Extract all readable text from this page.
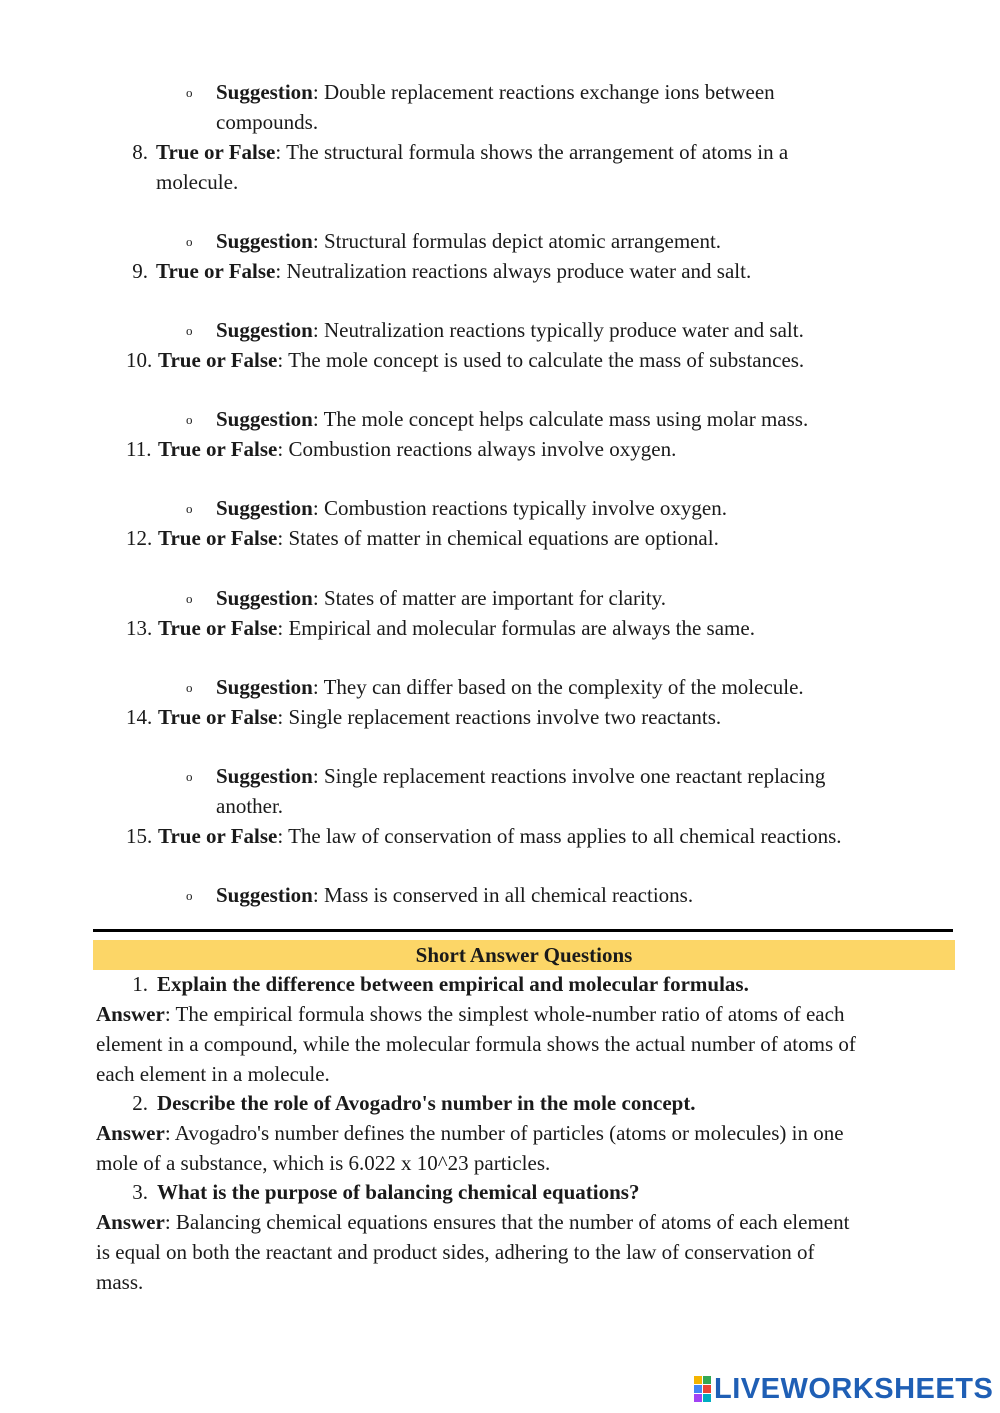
o Suggestion: Double replacement reactions exchange ions between
compounds.
8. True or False: The structural formula shows the arrangement of atoms in a
molecule.
o Suggestion: Structural formulas depict atomic arrangement.
9. True or False: Neutralization reactions always produce water and salt.
o Suggestion: Neutralization reactions typically produce water and salt.
10. True or False: The mole concept is used to calculate the mass of substances.
o Suggestion: The mole concept helps calculate mass using molar mass.
11. True or False: Combustion reactions always involve oxygen.
o Suggestion: Combustion reactions typically involve oxygen.
12. True or False: States of matter in chemical equations are optional.
o Suggestion: States of matter are important for clarity.
13. True or False: Empirical and molecular formulas are always the same.
o Suggestion: They can differ based on the complexity of the molecule.
14. True or False: Single replacement reactions involve two reactants.
o Suggestion: Single replacement reactions involve one reactant replacing
another.
15. True or False: The law of conservation of mass applies to all chemical reactions.
o Suggestion: Mass is conserved in all chemical reactions.
Short Answer Questions
1. Explain the difference between empirical and molecular formulas.
Answer: The empirical formula shows the simplest whole-number ratio of atoms of each
element in a compound, while the molecular formula shows the actual number of atoms of
each element in a molecule.
2. Describe the role of Avogadro's number in the mole concept.
Answer: Avogadro's number defines the number of particles (atoms or molecules) in one
mole of a substance, which is 6.022 x 10^23 particles.
3. What is the purpose of balancing chemical equations?
Answer: Balancing chemical equations ensures that the number of atoms of each element
is equal on both the reactant and product sides, adhering to the law of conservation of
mass.
LIVEWORKSHEETS
